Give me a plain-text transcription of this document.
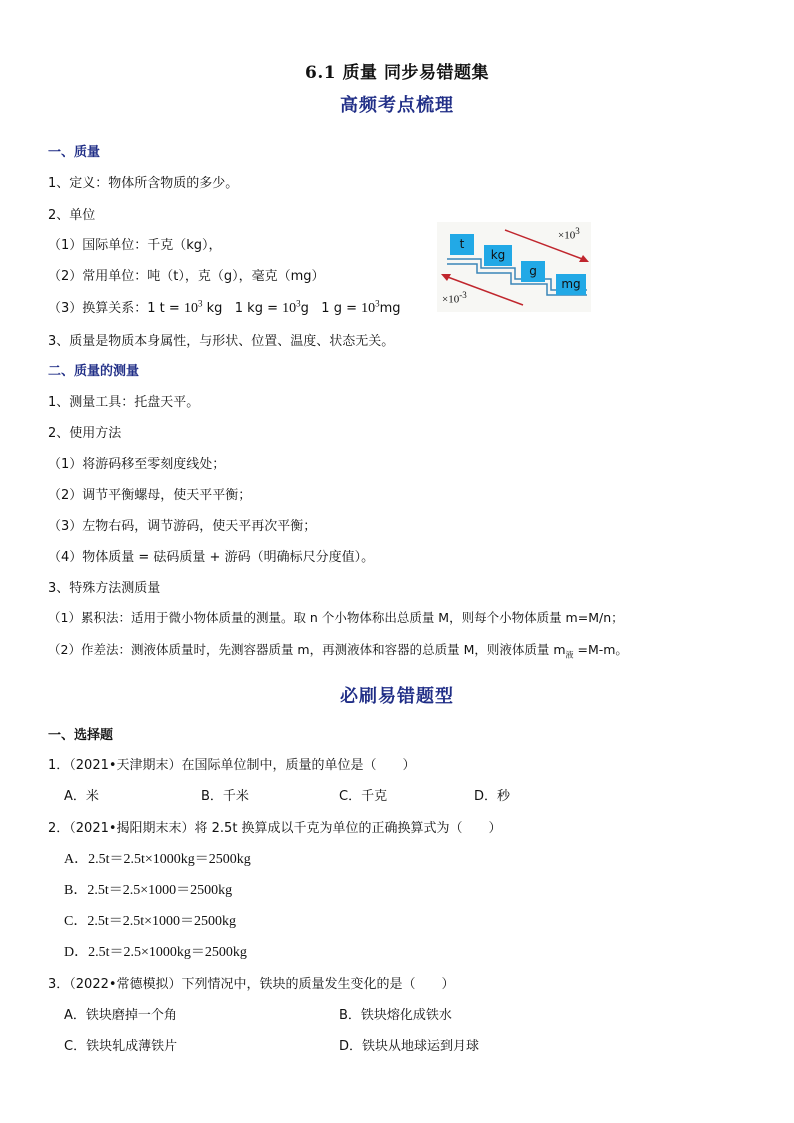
6.1 质量 同步易错题集
高频考点梳理
一、质量
1、定义：物体所含物质的多少。
2、单位
（1）国际单位：千克（kg），
（2）常用单位：吨（t），克（g），毫克（mg）
（3）换算关系：1 $t = 10^3$ kg 1 kg = $10^3g$ 1 $g = 10^3mg$
3、质量是物质本身属性，与形状、位置、温度、状态无关。
t
kg
g
mg
$\times 10^3$
$\times 10^{-3}$
二、质量的测量
1、测量工具：托盘天平。
2、使用方法
（1）将游码移至零刻度线处；
（2）调节平衡螺母，使天平平衡；
（3）左物右码，调节游码，使天平再次平衡；
（4）物体质量 = 砝码质量 + 游码（明确标尺分度值）。
3、特殊方法测质量
（1）累积法：适用于微小物体质量的测量。取 n 个小物体称出总质量 M，则每个小物体质量 m=M/n；
（2）作差法：测液体质量时，先测容器质量 m，再测液体和容器的总质量 M，则液体质量 $m_液 =M-m$。
必刷易错题型
一、选择题
1．（2021•天津期末）在国际单位制中，质量的单位是（　　）
A．米	B．千米	C．千克	D．秒
2．（2021•揭阳期末末）将 2.5t 换算成以千克为单位的正确换算式为（　　）
A．2.5t＝2.5t×1000kg＝2500kg
B．2.5t＝2.5×1000＝2500kg
C．2.5t＝2.5t×1000＝2500kg
D．2.5t＝2.5×1000kg＝2500kg
3．（2022•常德模拟）下列情况中，铁块的质量发生变化的是（　　）
A．铁块磨掉一个角	B．铁块熔化成铁水
C．铁块轧成薄铁片	D．铁块从地球运到月球
